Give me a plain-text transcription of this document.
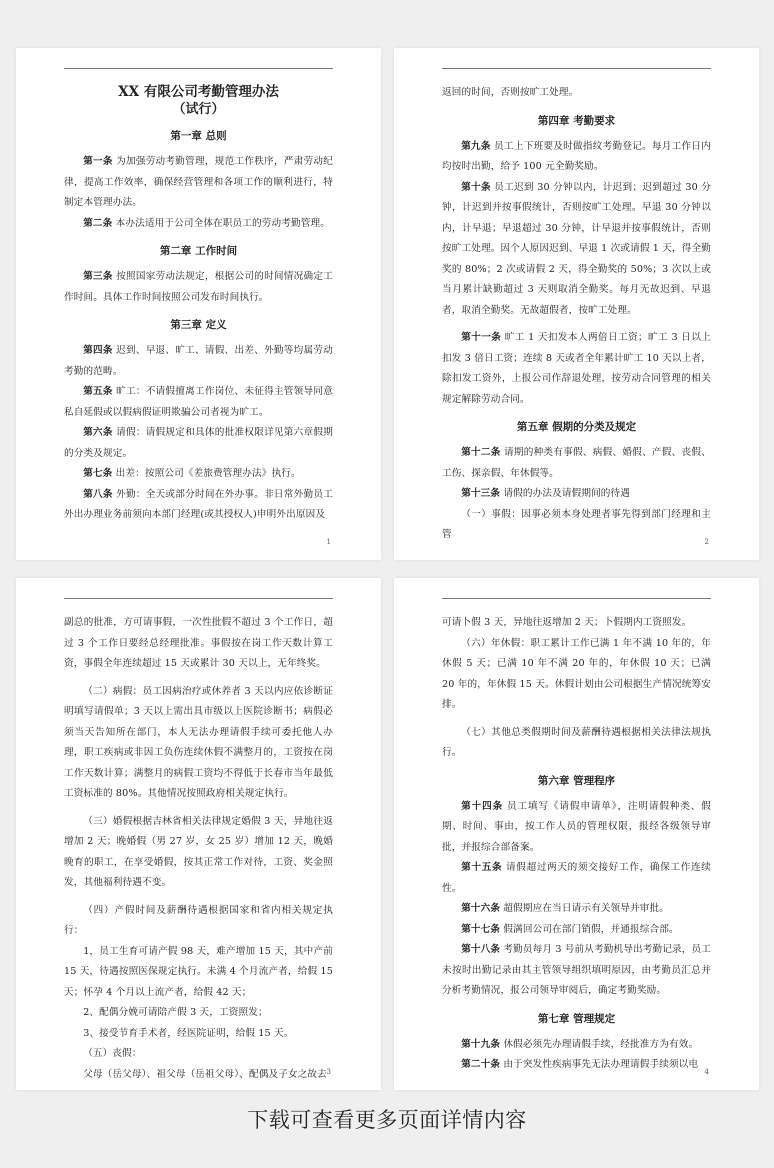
XX 有限公司考勤管理办法
（试行）
第一章 总则

第一条 为加强劳动考勤管理，规范工作秩序，严肃劳动纪律，提高工作效率，确保经营管理和各项工作的顺利进行，特制定本管理办法。

第二条 本办法适用于公司全体在职员工的劳动考勤管理。

第二章 工作时间

第三条 按照国家劳动法规定，根据公司的时间情况确定工作时间。具体工作时间按照公司发布时间执行。

第三章 定义

第四条 迟到、早退、旷工、请假、出差、外勤等均属劳动考勤的范畴。

第五条 旷工：不请假擅离工作岗位、未征得主管领导同意私自延假或以假病假证明欺骗公司者视为旷工。

第六条 请假：请假规定和具体的批准权限详见第六章假期的分类及规定。

第七条 出差：按照公司《差旅费管理办法》执行。

第八条 外勤：全天或部分时间在外办事。非日常外勤员工外出办理业务前须向本部门经理(或其授权人)申明外出原因及

1

返回的时间，否则按旷工处理。

第四章 考勤要求

第九条 员工上下班要及时做指纹考勤登记。每月工作日内均按时出勤，给予 100 元全勤奖励。

第十条 员工迟到 30 分钟以内，计迟到；迟到超过 30 分钟，计迟到并按事假统计，否则按旷工处理。早退 30 分钟以内，计早退；早退超过 30 分钟，计早退并按事假统计，否则按旷工处理。因个人原因迟到、早退 1 次或请假 1 天，得全勤奖的 80%；2 次或请假 2 天，得全勤奖的 50%；3 次以上或当月累计缺勤超过 3 天则取消全勤奖。每月无故迟到、早退者，取消全勤奖。无故超假者，按旷工处理。

第十一条 旷工 1 天扣发本人两倍日工资；旷工 3 日以上扣发 3 倍日工资；连续 8 天或者全年累计旷工 10 天以上者，除扣发工资外，上报公司作辞退处理，按劳动合同管理的相关规定解除劳动合同。

第五章 假期的分类及规定

第十二条 请期的种类有事假、病假、婚假、产假、丧假、工伤、探亲假、年休假等。

第十三条 请假的办法及请假期间的待遇

（一）事假：因事必须本身处理者事先得到部门经理和主管

2

副总的批准，方可请事假，一次性批假不超过 3 个工作日，超过 3 个工作日要经总经理批准。事假按在岗工作天数计算工资，事假全年连续超过 15 天或累计 30 天以上，无年终奖。

（二）病假：员工因病治疗或休养者 3 天以内应依诊断证明填写请假单；3 天以上需出具市级以上医院诊断书；病假必须当天告知所在部门，本人无法办理请假手续可委托他人办理，职工疾病或非因工负伤连续休假不满整月的，工资按在岗工作天数计算；满整月的病假工资均不得低于长春市当年最低工资标准的 80%。其他情况按照政府相关规定执行。

（三）婚假根据吉林省相关法律规定婚假 3 天，异地往返增加 2 天；晚婚假（男 27 岁，女 25 岁）增加 12 天，晚婚晚育的职工，在享受婚假，按其正常工作对待，工资、奖金照发，其他福利待遇不变。

（四）产假时间及薪酬待遇根据国家和省内相关规定执行：

1，员工生育可请产假 98 天，难产增加 15 天，其中产前 15 天，待遇按照医保规定执行。未满 4 个月流产者，给假 15 天；怀孕 4 个月以上流产者，给假 42 天；

2、配偶分娩可请陪产假 3 天，工资照发；

3、接受节育手术者，经医院证明，给假 15 天。

（五）丧假：

父母（岳父母）、祖父母（岳祖父母）、配偶及子女之故去 3

可请卜假 3 天，异地往返增加 2 天；卜假期内工资照发。

（六）年休假：职工累计工作已满 1 年不满 10 年的，年休假 5 天；已满 10 年不满 20 年的，年休假 10 天；已满 20 年的，年休假 15 天。休假计划由公司根据生产情况统筹安排。

（七）其他总类假期时间及薪酬待遇根据相关法律法规执行。

第六章 管理程序

第十四条 员工填写《请假申请单》，注明请假种类、假期、时间、事由，按工作人员的管理权限，报经各级领导审批，并报综合部备案。

第十五条 请假超过两天的须交接好工作，确保工作连续性。

第十六条 超假期应在当日请示有关领导并审批。

第十七条 假满回公司在部门销假，并通报综合部。

第十八条 考勤员每月 3 号前从考勤机导出考勤记录，员工未按时出勤记录由其主管领导组织填明原因，由考勤员汇总并分析考勤情况，报公司领导审阅后，确定考勤奖励。

第七章 管理规定

第十九条 休假必须先办理请假手续，经批准方为有效。

第二十条 由于突发性疾病事先无法办理请假手续须以电

4
下载可查看更多页面详情内容
